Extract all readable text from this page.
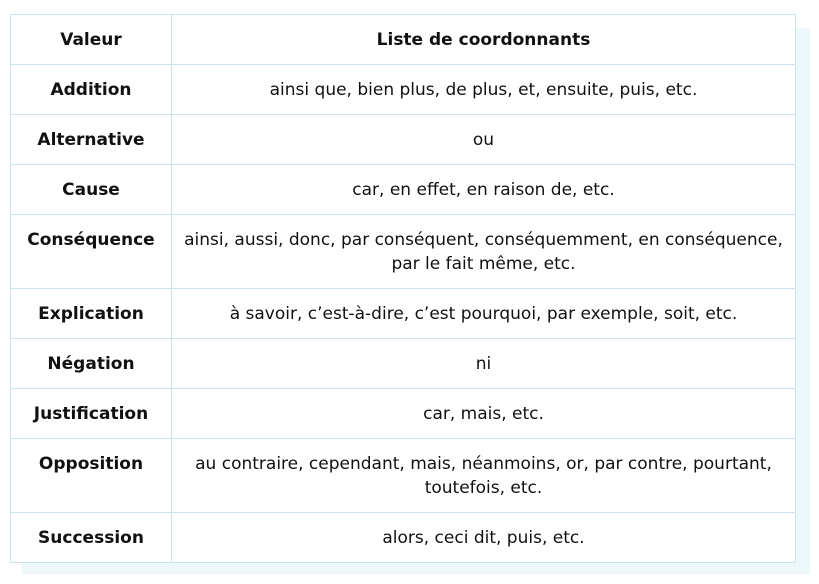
Valeur	Liste de coordonnants
Addition	ainsi que, bien plus, de plus, et, ensuite, puis, etc.
Alternative	ou
Cause	car, en effet, en raison de, etc.
Conséquence	ainsi, aussi, donc, par conséquent, conséquemment, en conséquence, par le fait même, etc.
Explication	à savoir, c’est-à-dire, c’est pourquoi, par exemple, soit, etc.
Négation	ni
Justification	car, mais, etc.
Opposition	au contraire, cependant, mais, néanmoins, or, par contre, pourtant, toutefois, etc.
Succession	alors, ceci dit, puis, etc.
